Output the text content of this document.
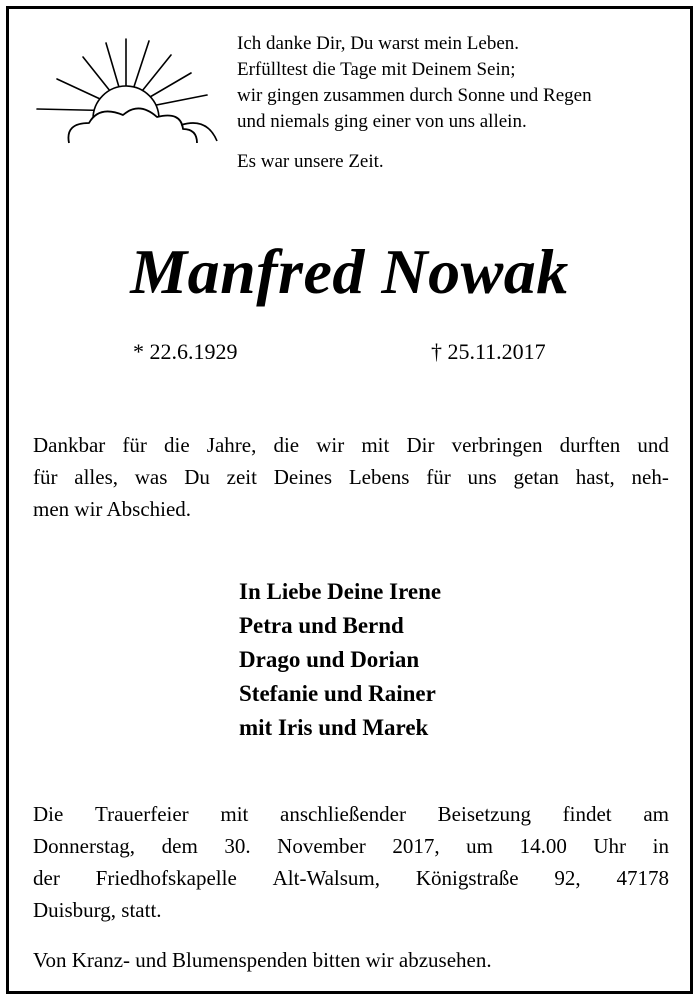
Ich danke Dir, Du warst mein Leben.
Erfülltest die Tage mit Deinem Sein;
wir gingen zusammen durch Sonne und Regen
und niemals ging einer von uns allein.
Es war unsere Zeit.
Manfred Nowak
* 22.6.1929	† 25.11.2017
Dankbar für die Jahre, die wir mit Dir verbringen durften und
für alles, was Du zeit Deines Lebens für uns getan hast, neh-
men wir Abschied.
In Liebe Deine Irene
Petra und Bernd
Drago und Dorian
Stefanie und Rainer
mit Iris und Marek
Die Trauerfeier mit anschließender Beisetzung findet am
Donnerstag, dem 30. November 2017, um 14.00 Uhr in
der Friedhofskapelle Alt-Walsum, Königstraße 92, 47178
Duisburg, statt.
Von Kranz- und Blumenspenden bitten wir abzusehen.
